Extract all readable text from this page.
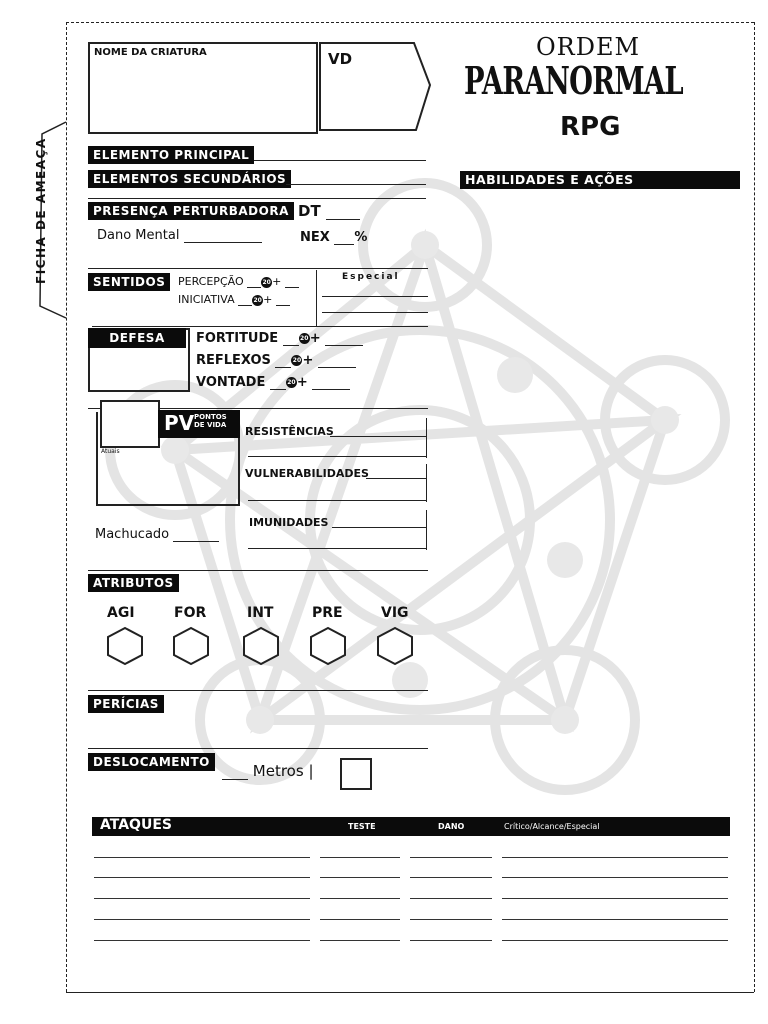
FICHA DE AMEAÇA
NOME DA CRIATURA	VD	ORDEM
PARANORMAL
RPG
ELEMENTO PRINCIPAL
ELEMENTOS SECUNDÁRIOS	HABILIDADES E AÇÕES
PRESENÇA PERTURBADORA DT
Dano Mental	NEX %
SENTIDOS	PERCEPÇÃO	20+
INICIATIVA	20+
Especial
DEFESA	FORTITUDE	20+
REFLEXOS	20+
VONTADE	20+
Atuais
PV PONTOS
DE VIDA
Machucado
RESISTÊNCIAS
VULNERABILIDADES
IMUNIDADES
ATRIBUTOS
AGI	FOR	INT	PRE	VIG
PERÍCIAS
DESLOCAMENTO	Metros |
ATAQUES	TESTE	DANO	Crítico/Alcance/Especial
